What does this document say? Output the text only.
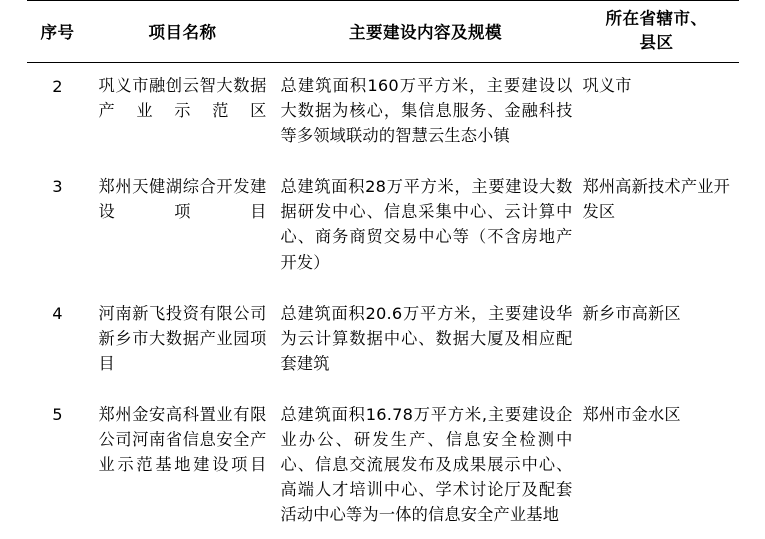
序号	项目名称	主要建设内容及规模	所在省辖市、
县区

2	巩义市融创云智大数据产业示范区	总建筑面积160万平方米，主要建设以大数据为核心，集信息服务、金融科技等多领域联动的智慧云生态小镇	巩义市
3	郑州天健湖综合开发建设项目	总建筑面积28万平方米，主要建设大数据研发中心、信息采集中心、云计算中心、商务商贸交易中心等（不含房地产开发）	郑州高新技术产业开发区
4	河南新飞投资有限公司新乡市大数据产业园项目	总建筑面积20.6万平方米，主要建设华为云计算数据中心、数据大厦及相应配套建筑	新乡市高新区
5	郑州金安高科置业有限公司河南省信息安全产业示范基地建设项目	总建筑面积16.78万平方米,主要建设企业办公、研发生产、信息安全检测中心、信息交流展发布及成果展示中心、高端人才培训中心、学术讨论厅及配套活动中心等为一体的信息安全产业基地	郑州市金水区
